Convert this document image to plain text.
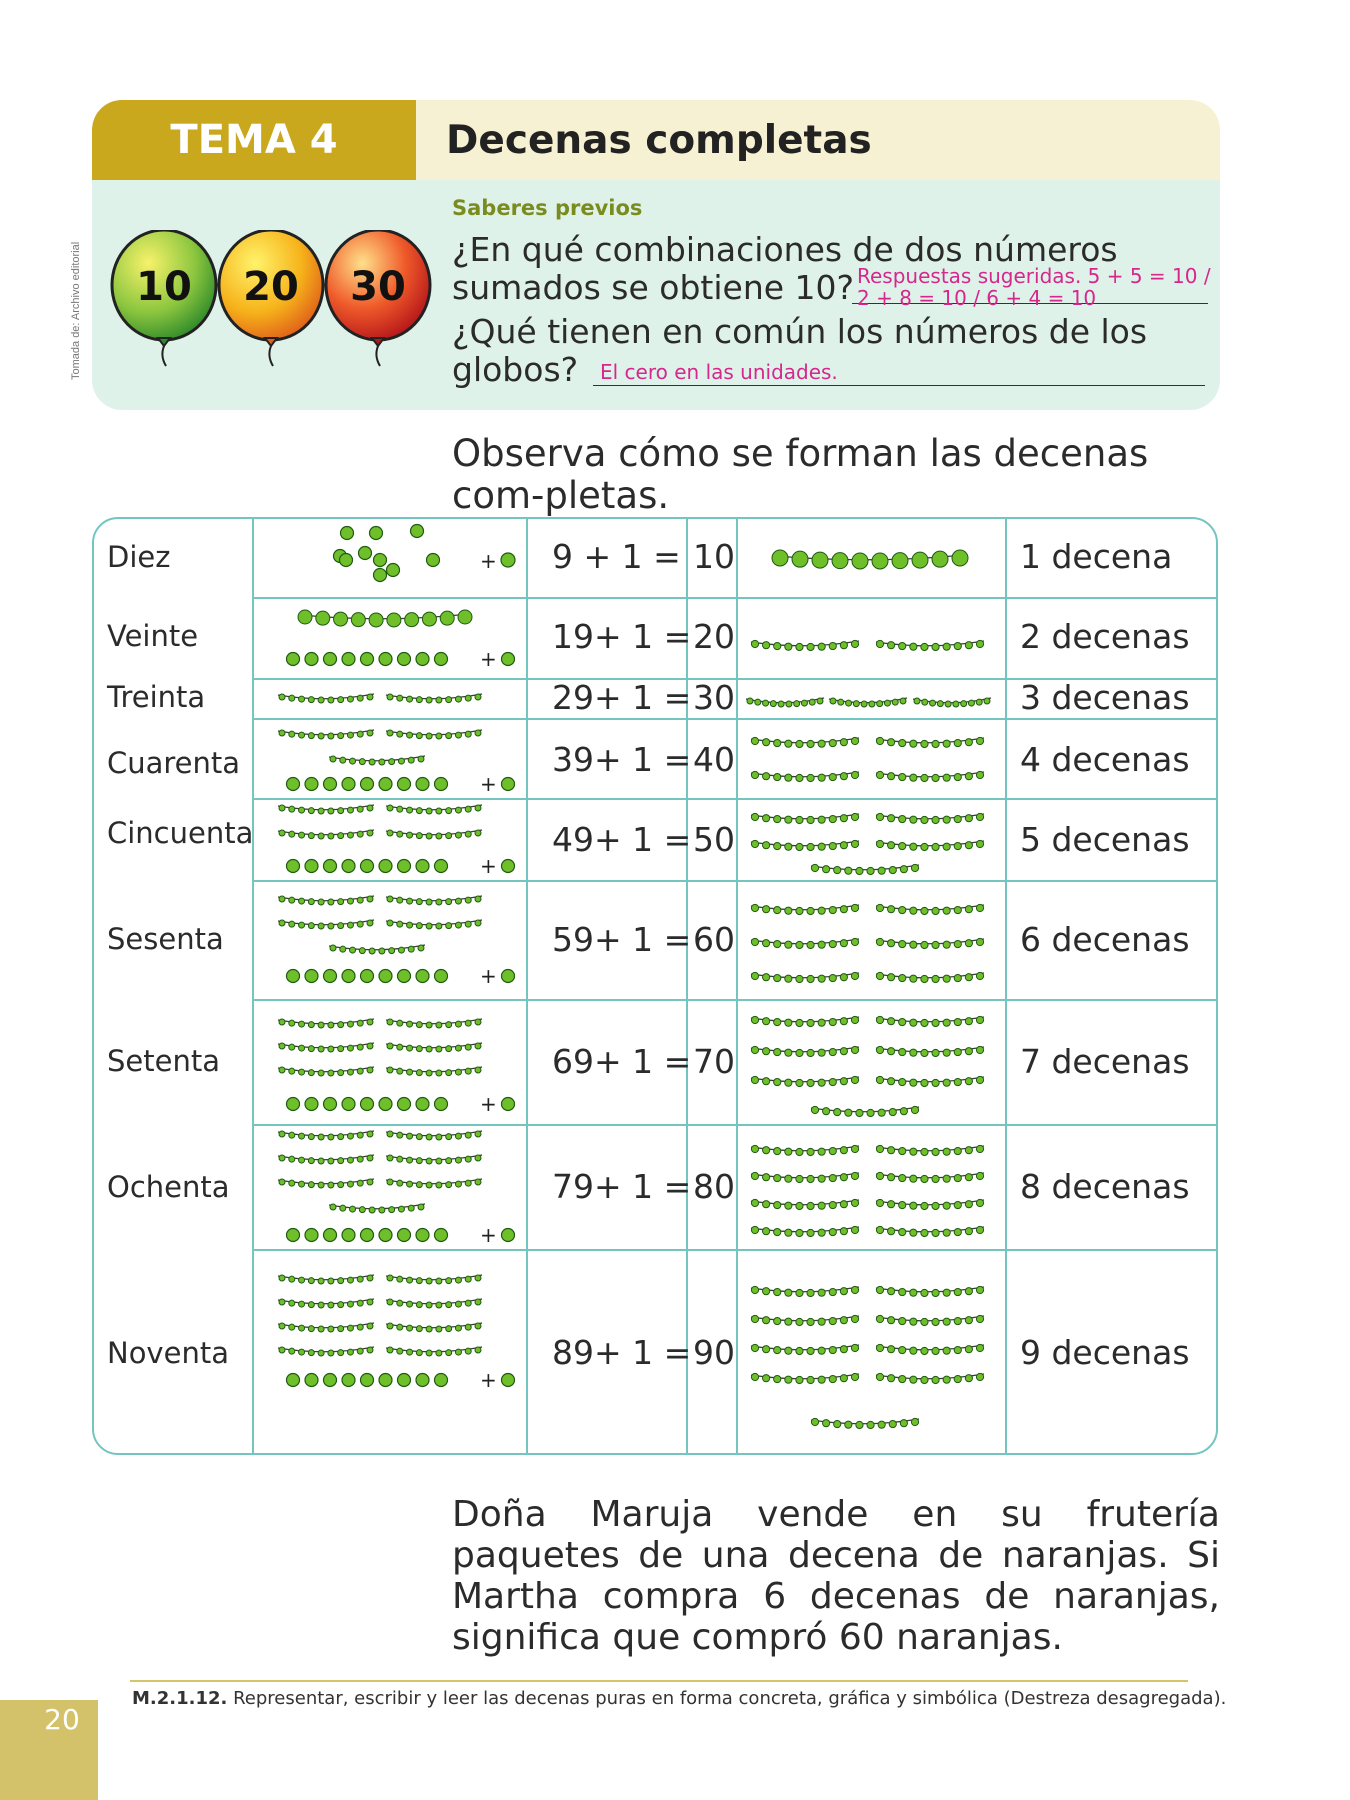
Tomada de: Archivo editorial
TEMA 4	Decenas completas
10 20 30
Saberes previos
¿En qué combinaciones de dos números
sumados se obtiene 10? Respuestas sugeridas. 5 + 5 = 10 /
2 + 8 = 10 / 6 + 4 = 10
¿Qué tienen en común los números de los
globos? El cero en las unidades.
Observa cómo se forman las decenas com-pletas.
Diez	9 + 1 = 10	1 decena
Veinte	19+ 1 = 20	2 decenas
Treinta	29+ 1 = 30	3 decenas
Cuarenta	39+ 1 = 40	4 decenas
Cincuenta	49+ 1 = 50	5 decenas
Sesenta	59+ 1 = 60	6 decenas
Setenta	69+ 1 = 70	7 decenas
Ochenta	79+ 1 = 80	8 decenas
Noventa	89+ 1 = 90	9 decenas
+
+
+
+
+
+
+
+
Doña Maruja vende en su frutería paquetes de una decena de naranjas. Si Martha compra 6 decenas de naranjas, significa que compró 60 naranjas.
M.2.1.12. Representar, escribir y leer las decenas puras en forma concreta, gráfica y simbólica (Destreza desagregada).
20
